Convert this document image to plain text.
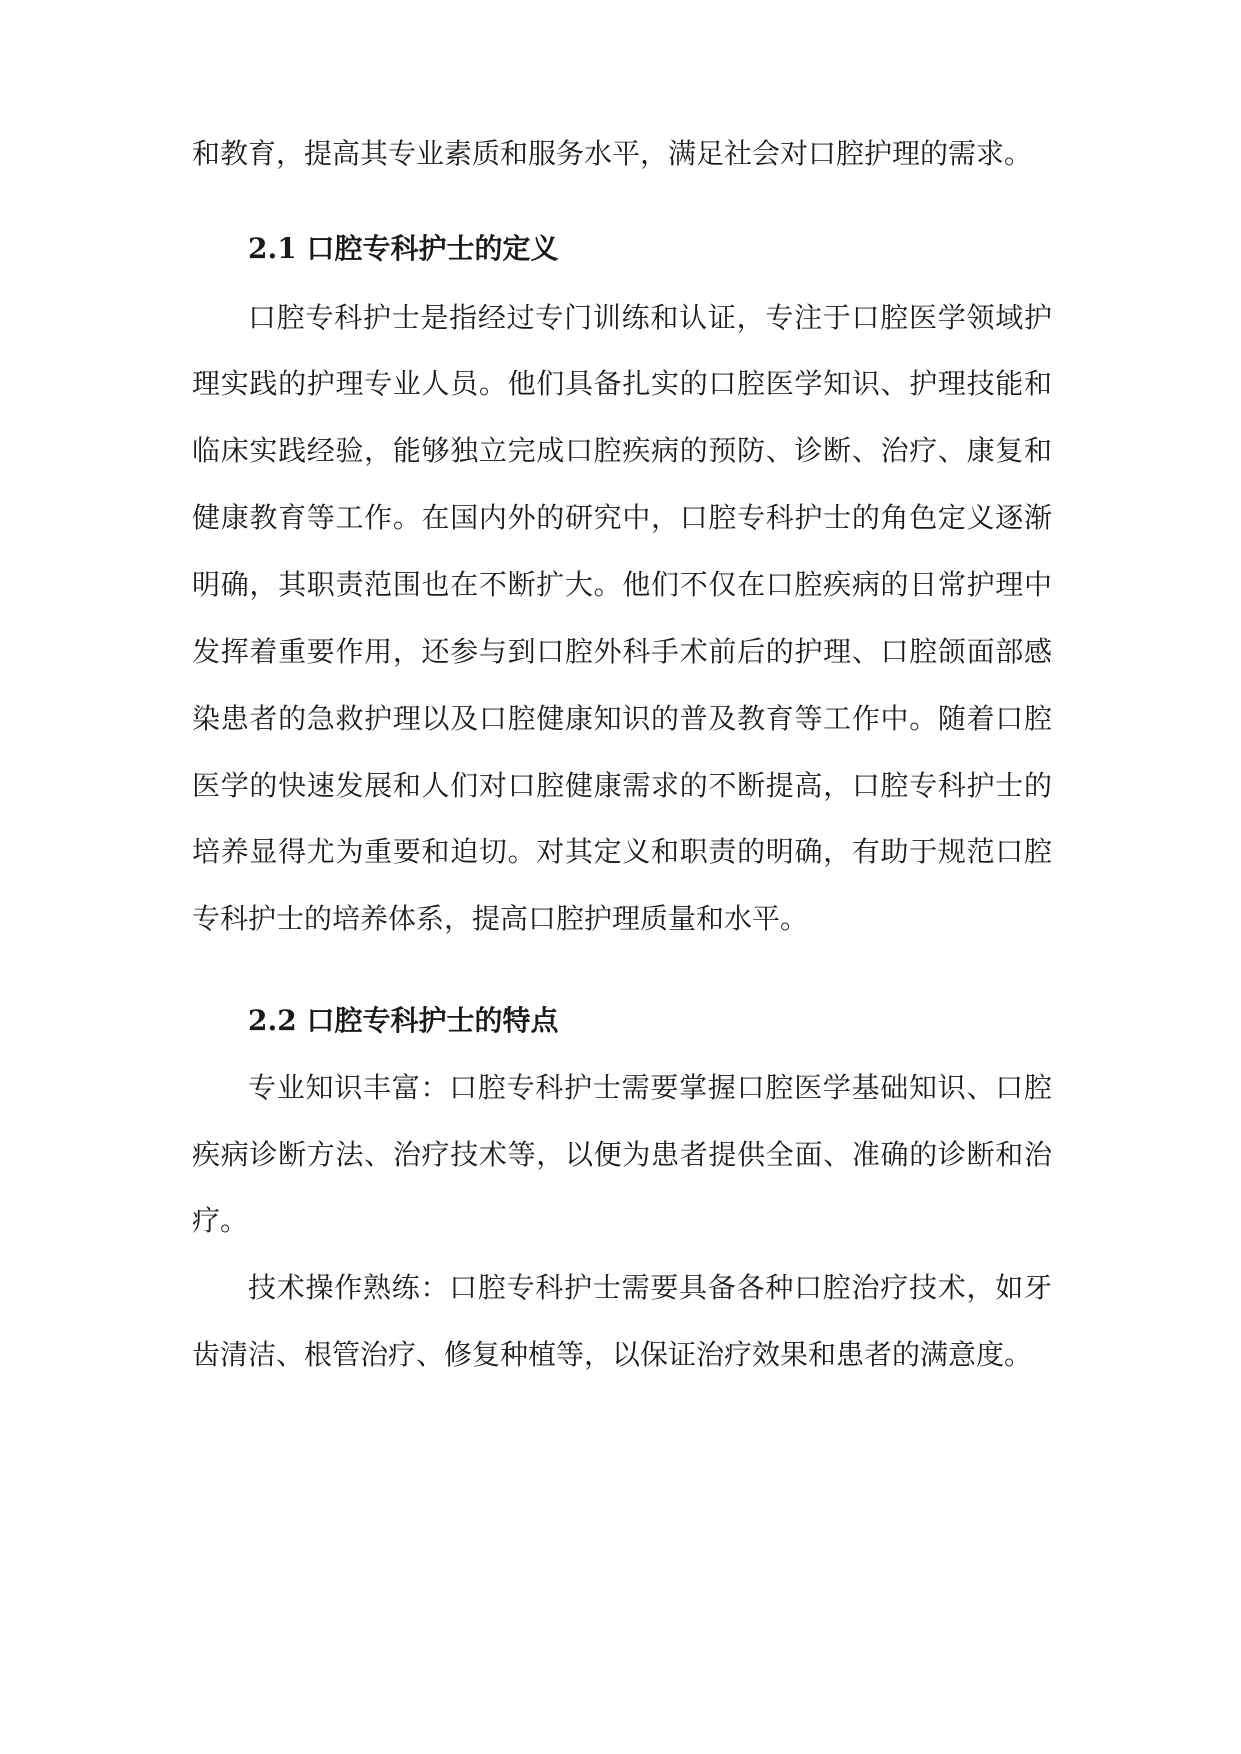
和教育，提高其专业素质和服务水平，满足社会对口腔护理的需求。
2.1 口腔专科护士的定义
口腔专科护士是指经过专门训练和认证，专注于口腔医学领域护
理实践的护理专业人员。他们具备扎实的口腔医学知识、护理技能和
临床实践经验，能够独立完成口腔疾病的预防、诊断、治疗、康复和
健康教育等工作。在国内外的研究中，口腔专科护士的角色定义逐渐
明确，其职责范围也在不断扩大。他们不仅在口腔疾病的日常护理中
发挥着重要作用，还参与到口腔外科手术前后的护理、口腔颌面部感
染患者的急救护理以及口腔健康知识的普及教育等工作中。随着口腔
医学的快速发展和人们对口腔健康需求的不断提高，口腔专科护士的
培养显得尤为重要和迫切。对其定义和职责的明确，有助于规范口腔
专科护士的培养体系，提高口腔护理质量和水平。
2.2 口腔专科护士的特点
专业知识丰富：口腔专科护士需要掌握口腔医学基础知识、口腔
疾病诊断方法、治疗技术等，以便为患者提供全面、准确的诊断和治
疗。
技术操作熟练：口腔专科护士需要具备各种口腔治疗技术，如牙
齿清洁、根管治疗、修复种植等，以保证治疗效果和患者的满意度。
